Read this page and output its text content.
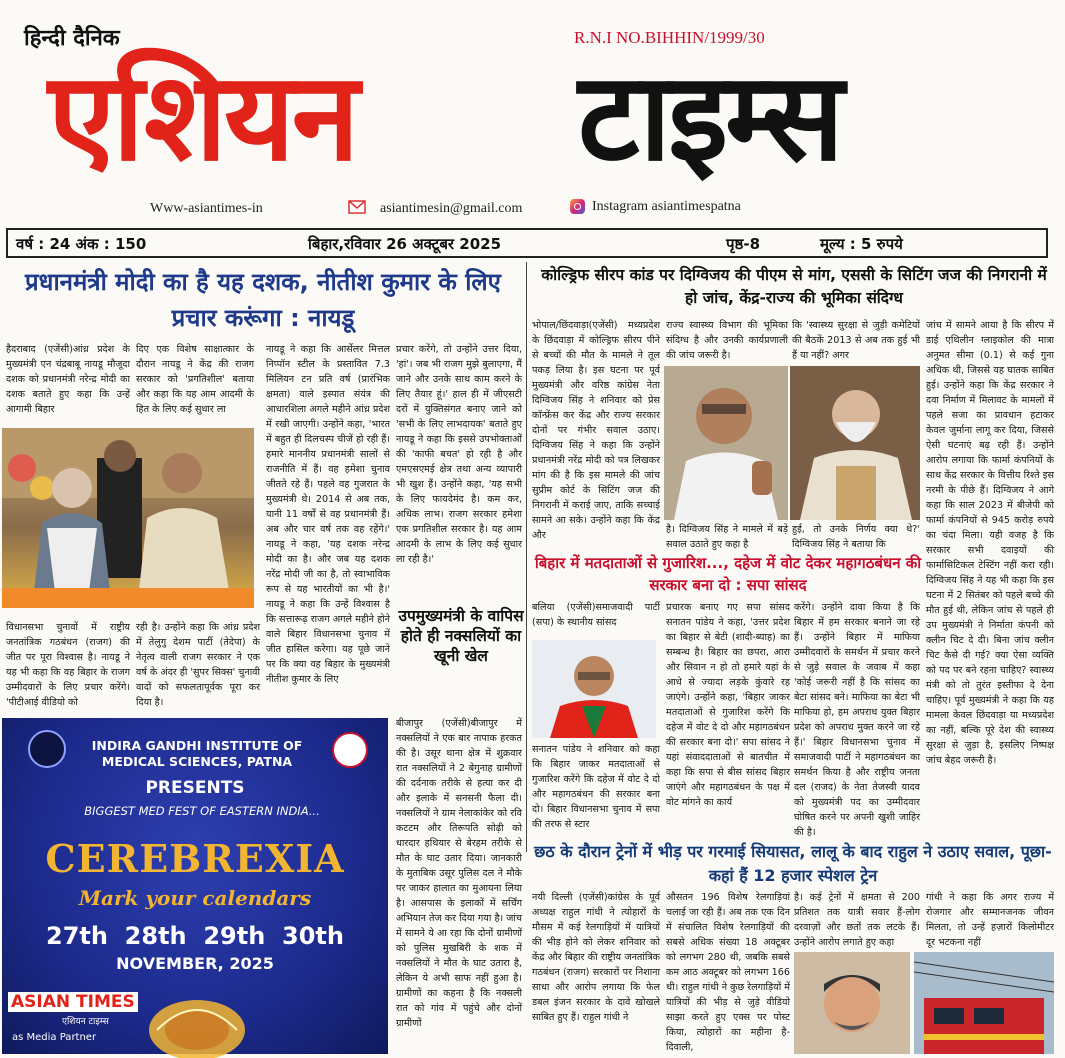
हिन्दी दैनिक	R.N.I NO.BIHHIN/1999/30
एशियन टाइम्स
Www-asiantimes-in	asiantimesin@gmail.com	Instagram asiantimespatna
वर्ष : 24 अंक : 150	बिहार,रविवार 26 अक्टूबर 2025	पृष्ठ-8	मूल्य : 5 रुपये
प्रधानमंत्री मोदी का है यह दशक, नीतीश कुमार के लिए प्रचार करूंगा : नायडू
हैदराबाद (एजेंसी)आंध्र प्रदेश के मुख्यमंत्री एन चंद्रबाबू नायडू मौजूदा दशक को प्रधानमंत्री नरेन्द्र मोदी का दशक बताते हुए कहा कि उन्हें आगामी बिहार
दिए एक विशेष साक्षात्कार के दौरान नायडू ने केंद्र की राजग सरकार को 'प्रगतिशील' बताया और कहा कि यह आम आदमी के हित के लिए कई सुधार ला
नायडू ने कहा कि आर्सेलर मित्तल निप्पॉन स्टील के प्रस्तावित 7.3 मिलियन टन प्रति वर्ष (प्रारंभिक क्षमता) वाले इस्पात संयंत्र की आधारशिला अगले महीने आंध्र प्रदेश में रखी जाएगी। उन्होंने कहा, 'भारत में बहुत ही दिलचस्प चीजें हो रही हैं। हमारे माननीय प्रधानमंत्री सालों से राजनीति में हैं। वह हमेशा चुनाव जीतते रहे हैं। पहले वह गुजरात के मुख्यमंत्री थे। 2014 से अब तक, यानी 11 वर्षों से वह प्रधानमंत्री हैं। अब और चार वर्ष तक वह रहेंगे।' नायडू ने कहा, 'यह दशक नरेन्द्र मोदी का है। और जब यह दशक नरेंद्र मोदी जी का है, तो स्वाभाविक रूप से यह भारतीयों का भी है।' नायडू ने कहा कि उन्हें विश्वास है कि सत्तारूढ़ राजग अगले महीने होने वाले बिहार विधानसभा चुनाव में जीत हासिल करेगा। यह पूछे जाने पर कि क्या वह बिहार के मुख्यमंत्री नीतीश कुमार के लिए
प्रचार करेंगे, तो उन्होंने उत्तर दिया, 'हां'। जब भी राजग मुझे बुलाएगा, मैं जाने और उनके साथ काम करने के लिए तैयार हूं।' हाल ही में जीएसटी दरों में युक्तिसंगत बनाए जाने को 'सभी के लिए लाभदायक' बताते हुए नायडू ने कहा कि इससे उपभोक्ताओं की 'काफी बचत' हो रही है और एमएसएमई क्षेत्र तथा अन्य व्यापारी भी खुश हैं। उन्होंने कहा, 'यह सभी के लिए फायदेमंद है। कम कर, अधिक लाभ। राजग सरकार हमेशा एक प्रगतिशील सरकार है। यह आम आदमी के लाभ के लिए कई सुधार ला रही है।'
विधानसभा चुनावों में राष्ट्रीय जनतांत्रिक गठबंधन (राजग) की जीत पर पूरा विश्वास है। नायडू ने यह भी कहा कि वह बिहार के राजग उम्मीदवारों के लिए प्रचार करेंगे। 'पीटीआई वीडियो को
रही है। उन्होंने कहा कि आंध्र प्रदेश में तेलुगु देशम पार्टी (तेदेपा) के नेतृत्व वाली राजग सरकार ने एक वर्ष के अंदर ही 'सुपर सिक्स' चुनावी वादों को सफलतापूर्वक पूरा कर दिया है।
INDIRA GANDHI INSTITUTE OF MEDICAL SCIENCES, PATNA
PRESENTS
BIGGEST MED FEST OF EASTERN INDIA...
CEREBREXIA
Mark your calendars
27th  28th  29th  30th
NOVEMBER, 2025
ASIAN TIMES
एशियन टाइम्स
as Media Partner
उपमुख्यमंत्री के वापिस होते ही नक्सलियों का खूनी खेल
बीजापुर (एजेंसी)बीजापुर में नक्सलियों ने एक बार नापाक हरकत की है। उसूर थाना क्षेत्र में शुक्रवार रात नक्सलियों ने 2 बेगुनाह ग्रामीणों की दर्दनाक तरीके से हत्या कर दी और इलाके में सनसनी फैला दी। नक्सलियों ने ग्राम नेलाकांकेर को रवि कटटम और तिरूपति सोढ़ी को धारदार हथियार से बेरहम तरीके से मौत के घाट उतार दिया। जानकारी के मुताबिक उसूर पुलिस दल ने मौके पर जाकर हालात का मुआयना लिया है। आसपास के इलाकों में सर्चिंग अभियान तेज कर दिया गया है। जांच में सामने ये आ रहा कि दोनों ग्रामीणों को पुलिस मुखबिरी के शक में नक्सलियों ने मौत के घाट उतारा है, लेकिन ये अभी साफ नहीं हुआ है। ग्रामीणों का कहना है कि नक्सली रात को गांव में पहुंचे और दोनों ग्रामीणों
कोल्ड्रिफ सीरप कांड पर दिग्विजय की पीएम से मांग, एससी के सिटिंग जज की निगरानी में हो जांच, केंद्र-राज्य की भूमिका संदिग्ध
भोपाल/छिंदवाड़ा(एजेंसी) मध्यप्रदेश के छिंदवाड़ा में कोल्ड्रिफ सीरप पीने से बच्चों की मौत के मामले ने तूल पकड़ लिया है। इस घटना पर पूर्व मुख्यमंत्री और वरिष्ठ कांग्रेस नेता दिग्विजय सिंह ने शनिवार को प्रेस कॉन्फ्रेंस कर केंद्र और राज्य सरकार दोनों पर गंभीर सवाल उठाए। दिग्विजय सिंह ने कहा कि उन्होंने प्रधानमंत्री नरेंद्र मोदी को पत्र लिखकर मांग की है कि इस मामले की जांच सुप्रीम कोर्ट के सिटिंग जज की निगरानी में कराई जाए, ताकि सच्चाई सामने आ सके। उन्होंने कहा कि केंद्र और
राज्य स्वास्थ्य विभाग की भूमिका संदिग्ध है और उनकी कार्यप्रणाली की जांच जरूरी है।
कि 'स्वास्थ्य सुरक्षा से जुड़ी कमेटियों की बैठकें 2013 से अब तक हुई भी हैं या नहीं? अगर
जांच में सामने आया है कि सीरप में डाई एथिलीन ग्लाइकोल की मात्रा अनुमत सीमा (0.1) से कई गुना अधिक थी, जिससे यह घातक साबित हुई। उन्होंने कहा कि केंद्र सरकार ने दवा निर्माण में मिलावट के मामलों में पहले सजा का प्रावधान हटाकर केवल जुर्माना लागू कर दिया, जिससे ऐसी घटनाएं बढ़ रही हैं। उन्होंने आरोप लगाया कि फार्मा कंपनियों के साथ केंद्र सरकार के वित्तीय रिश्ते इस नरमी के पीछे हैं। दिग्विजय ने आगे कहा कि साल 2023 में बीजेपी को फार्मा कंपनियों से 945 करोड़ रुपये का चंदा मिला। यही वजह है कि सरकार सभी दवाइयों की फार्मासिटिकल टेस्टिंग नहीं करा रही। दिग्विजय सिंह ने यह भी कहा कि इस घटना में 2 सितंबर को पहले बच्चे की मौत हुई थी, लेकिन जांच से पहले ही उप मुख्यमंत्री ने निर्माता कंपनी को क्लीन चिट दे दी। बिना जांच क्लीन चिट कैसे दी गई? क्या ऐसा व्यक्ति को पद पर बने रहना चाहिए? स्वास्थ्य मंत्री को तो तुरंत इस्तीफा दे देना चाहिए। पूर्व मुख्यमंत्री ने कहा कि यह मामला केवल छिंदवाड़ा या मध्यप्रदेश का नहीं, बल्कि पूरे देश की स्वास्थ्य सुरक्षा से जुड़ा है, इसलिए निष्पक्ष जांच बेहद जरूरी है।
है। दिग्विजय सिंह ने मामले में बड़े सवाल उठाते हुए कहा है
हुई, तो उनके निर्णय क्या थे?' दिग्विजय सिंह ने बताया कि
बिहार में मतदाताओं से गुजारिश..., दहेज में वोट देकर महागठबंधन की सरकार बना दो : सपा सांसद
बलिया (एजेंसी)समाजवादी पार्टी (सपा) के स्थानीय सांसद
सनातन पांडेय ने शनिवार को कहा कि बिहार जाकर मतदाताओं से गुजारिश करेंगे कि दहेज में वोट दे दो और महागठबंधन की सरकार बना दो। बिहार विधानसभा चुनाव में सपा की तरफ से स्टार
प्रचारक बनाए गए सपा सांसद सनातन पांडेय ने कहा, 'उत्तर प्रदेश का बिहार से बेटी (शादी-ब्याह) का सम्बन्ध है। बिहार का छपरा, आरा और सिवान न हो तो हमारे यहां के आधे से ज्यादा लड़के कुंवारे रह जाएंगे। उन्होंने कहा, 'बिहार जाकर मतदाताओं से गुजारिश करेंगे कि दहेज में वोट दे दो और महागठबंधन की सरकार बना दो।' सपा सांसद ने यहां संवाददाताओं से बातचीत में कहा कि सपा से बीस सांसद बिहार जाएंगे और महागठबंधन के पक्ष में वोट मांगने का कार्य
करेंगे। उन्होंने दावा किया है कि बिहार में हम सरकार बनाने जा रहे हैं। उन्होंने बिहार में माफिया उम्मीदवारों के समर्थन में प्रचार करने से जुड़े सवाल के जवाब में कहा 'कोई जरूरी नहीं है कि सांसद का बेटा सांसद बने। माफिया का बेटा भी माफिया हो, हम अपराध युक्त बिहार प्रदेश को अपराध मुक्त करने जा रहे हैं।' बिहार विधानसभा चुनाव में समाजवादी पार्टी ने महागठबंधन का समर्थन किया है और राष्ट्रीय जनता दल (राजद) के नेता तेजस्वी यादव को मुख्यमंत्री पद का उम्मीदवार घोषित करने पर अपनी खुशी जाहिर की है।
छठ के दौरान ट्रेनों में भीड़ पर गरमाई सियासत, लालू के बाद राहुल ने उठाए सवाल, पूछा-कहां हैं 12 हजार स्पेशल ट्रेन
नयी दिल्ली (एजेंसी)कांग्रेस के पूर्व अध्यक्ष राहुल गांधी ने त्योहारों के मौसम में कई रेलगाड़ियों में यात्रियों की भीड़ होने को लेकर शनिवार को केंद्र और बिहार की राष्ट्रीय जनतांत्रिक गठबंधन (राजग) सरकारों पर निशाना साधा और आरोप लगाया कि फेल डबल इंजन सरकार के दावे खोखले साबित हुए हैं। राहुल गांधी ने
औसतन 196 विशेष रेलगाड़ियां चलाई जा रही हैं। अब तक एक दिन में संचालित विशेष रेलगाड़ियों की सबसे अधिक संख्या 18 अक्टूबर को लगभग 280 थी, जबकि सबसे कम आठ अक्टूबर को लगभग 166 थी। राहुल गांधी ने कुछ रेलगाड़ियों में यात्रियों की भीड़ से जुड़े वीडियो साझा करते हुए एक्स पर पोस्ट किया, त्योहारों का महीना है-दिवाली,
है। कई ट्रेनों में क्षमता से 200 प्रतिशत तक यात्री सवार हैं-लोग दरवाज़ों और छतों तक लटके हैं। उन्होंने आरोप लगाते हुए कहा
गांधी ने कहा कि अगर राज्य में रोजगार और सम्मानजनक जीवन मिलता, तो उन्हें हज़ारों किलोमीटर दूर भटकना नहीं
